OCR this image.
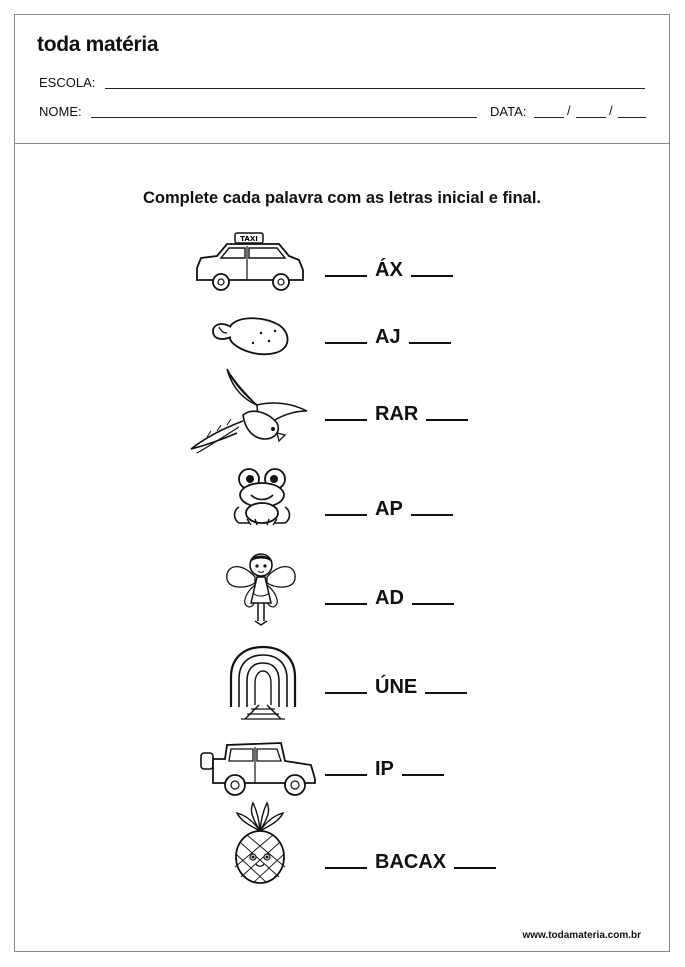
toda matéria
ESCOLA:
NOME:	DATA:	/	/
Complete cada palavra com as letras inicial e final.
TAXI
ÁX
AJ
RAR
AP
AD
ÚNE
IP
BACAX
www.todamateria.com.br
